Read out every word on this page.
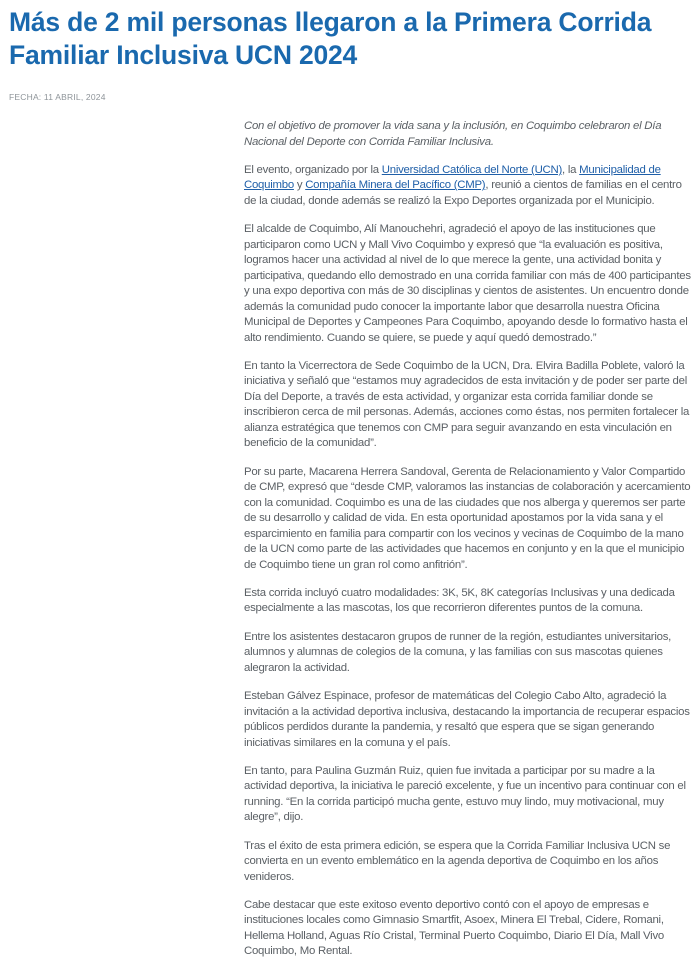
Más de 2 mil personas llegaron a la Primera Corrida Familiar Inclusiva UCN 2024

FECHA: 11 ABRIL, 2024

Con el objetivo de promover la vida sana y la inclusión, en Coquimbo celebraron el Día Nacional del Deporte con Corrida Familiar Inclusiva.

El evento, organizado por la Universidad Católica del Norte (UCN), la Municipalidad de Coquimbo y Compañía Minera del Pacífico (CMP), reunió a cientos de familias en el centro de la ciudad, donde además se realizó la Expo Deportes organizada por el Municipio.

El alcalde de Coquimbo, Alí Manouchehri, agradeció el apoyo de las instituciones que participaron como UCN y Mall Vivo Coquimbo y expresó que “la evaluación es positiva, logramos hacer una actividad al nivel de lo que merece la gente, una actividad bonita y participativa, quedando ello demostrado en una corrida familiar con más de 400 participantes y una expo deportiva con más de 30 disciplinas y cientos de asistentes. Un encuentro donde además la comunidad pudo conocer la importante labor que desarrolla nuestra Oficina Municipal de Deportes y Campeones Para Coquimbo, apoyando desde lo formativo hasta el alto rendimiento. Cuando se quiere, se puede y aquí quedó demostrado.”

En tanto la Vicerrectora de Sede Coquimbo de la UCN, Dra. Elvira Badilla Poblete, valoró la iniciativa y señaló que “estamos muy agradecidos de esta invitación y de poder ser parte del Día del Deporte, a través de esta actividad, y organizar esta corrida familiar donde se inscribieron cerca de mil personas. Además, acciones como éstas, nos permiten fortalecer la alianza estratégica que tenemos con CMP para seguir avanzando en esta vinculación en beneficio de la comunidad”.

Por su parte, Macarena Herrera Sandoval, Gerenta de Relacionamiento y Valor Compartido de CMP, expresó que “desde CMP, valoramos las instancias de colaboración y acercamiento con la comunidad. Coquimbo es una de las ciudades que nos alberga y queremos ser parte de su desarrollo y calidad de vida. En esta oportunidad apostamos por la vida sana y el esparcimiento en familia para compartir con los vecinos y vecinas de Coquimbo de la mano de la UCN como parte de las actividades que hacemos en conjunto y en la que el municipio de Coquimbo tiene un gran rol como anfitrión”.

Esta corrida incluyó cuatro modalidades: 3K, 5K, 8K categorías Inclusivas y una dedicada especialmente a las mascotas, los que recorrieron diferentes puntos de la comuna.

Entre los asistentes destacaron grupos de runner de la región, estudiantes universitarios, alumnos y alumnas de colegios de la comuna, y las familias con sus mascotas quienes alegraron la actividad.

Esteban Gálvez Espinace, profesor de matemáticas del Colegio Cabo Alto, agradeció la invitación a la actividad deportiva inclusiva, destacando la importancia de recuperar espacios públicos perdidos durante la pandemia, y resaltó que espera que se sigan generando iniciativas similares en la comuna y el país.

En tanto, para Paulina Guzmán Ruiz, quien fue invitada a participar por su madre a la actividad deportiva, la iniciativa le pareció excelente, y fue un incentivo para continuar con el running. “En la corrida participó mucha gente, estuvo muy lindo, muy motivacional, muy alegre”, dijo.

Tras el éxito de esta primera edición, se espera que la Corrida Familiar Inclusiva UCN se convierta en un evento emblemático en la agenda deportiva de Coquimbo en los años venideros.

Cabe destacar que este exitoso evento deportivo contó con el apoyo de empresas e instituciones locales como Gimnasio Smartfit, Asoex, Minera El Trebal, Cidere, Romani, Hellema Holland, Aguas Río Cristal, Terminal Puerto Coquimbo, Diario El Día, Mall Vivo Coquimbo, Mo Rental.
